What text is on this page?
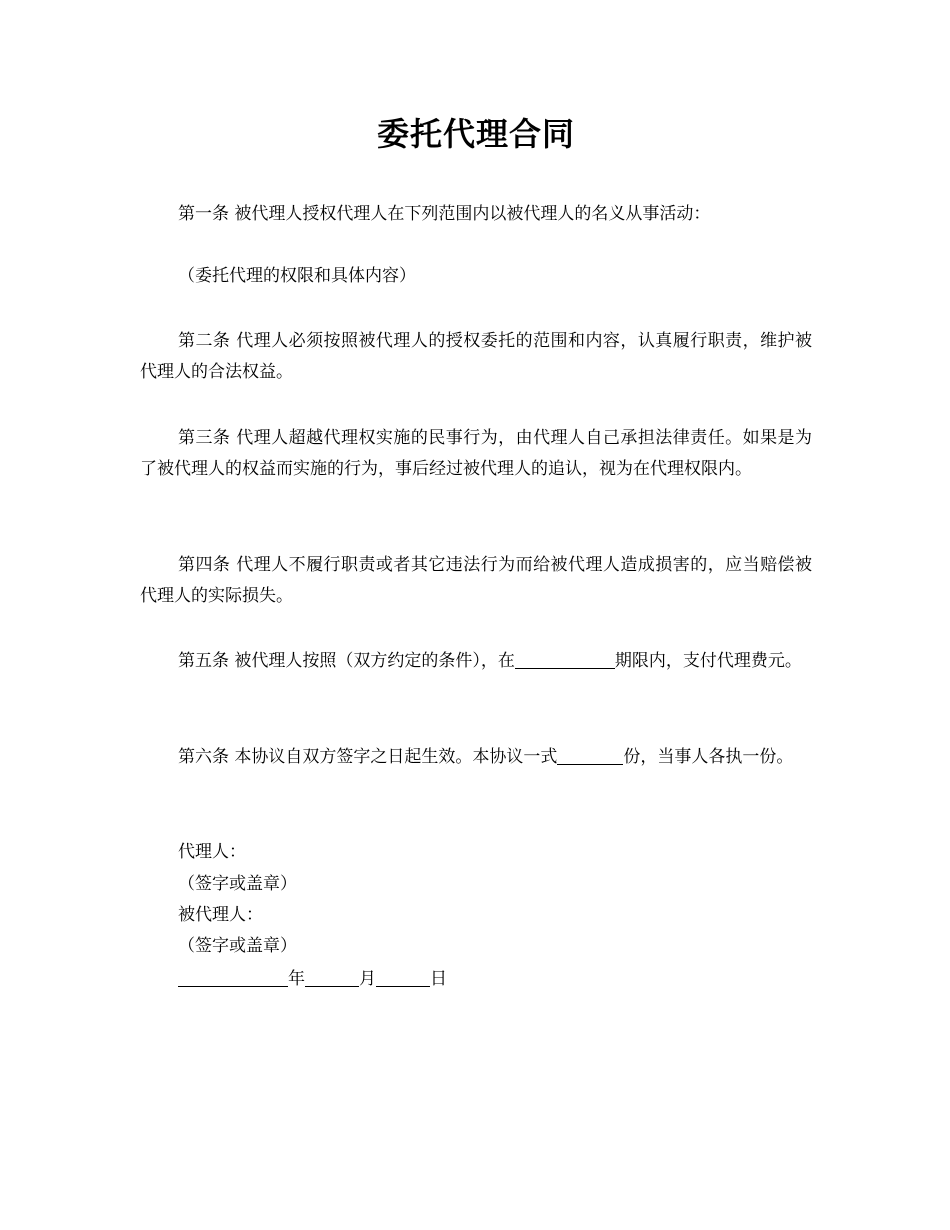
委托代理合同

第一条 被代理人授权代理人在下列范围内以被代理人的名义从事活动：

（委托代理的权限和具体内容）

第二条 代理人必须按照被代理人的授权委托的范围和内容，认真履行职责，维护被代理人的合法权益。

第三条 代理人超越代理权实施的民事行为，由代理人自己承担法律责任。如果是为了被代理人的权益而实施的行为，事后经过被代理人的追认，视为在代理权限内。

第四条 代理人不履行职责或者其它违法行为而给被代理人造成损害的，应当赔偿被代理人的实际损失。

第五条 被代理人按照（双方约定的条件），在	期限内，支付代理费元。

第六条 本协议自双方签字之日起生效。本协议一式	份，当事人各执一份。

代理人：
（签字或盖章）
被代理人：
（签字或盖章）
年	月	日
